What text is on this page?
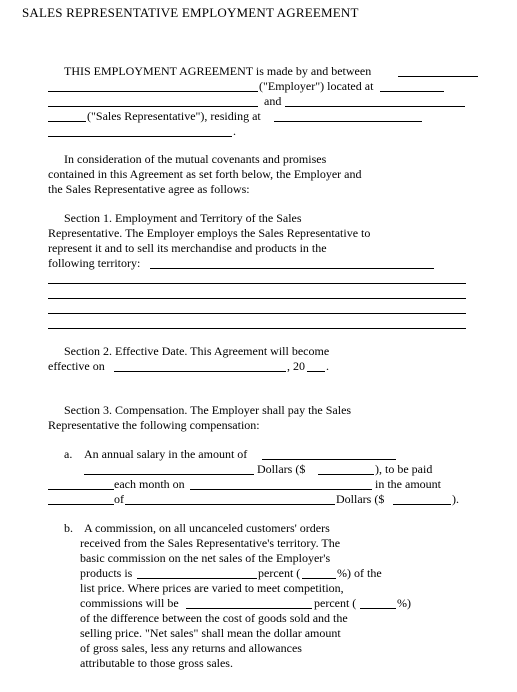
SALES REPRESENTATIVE EMPLOYMENT AGREEMENT
THIS EMPLOYMENT AGREEMENT is made by and between
("Employer") located at
and
("Sales Representative"), residing at
.
In consideration of the mutual covenants and promises
contained in this Agreement as set forth below, the Employer and
the Sales Representative agree as follows:
Section 1. Employment and Territory of the Sales
Representative. The Employer employs the Sales Representative to
represent it and to sell its merchandise and products in the
following territory:
Section 2. Effective Date. This Agreement will become
effective on	, 20 .
Section 3. Compensation. The Employer shall pay the Sales
Representative the following compensation:
a. An annual salary in the amount of
Dollars ($	), to be paid
each month on	in the amount
of	Dollars ($	).
b. A commission, on all uncanceled customers' orders
received from the Sales Representative's territory. The
basic commission on the net sales of the Employer's
products is	percent (	%) of the
list price. Where prices are varied to meet competition,
commissions will be	percent (	%)
of the difference between the cost of goods sold and the
selling price. "Net sales" shall mean the dollar amount
of gross sales, less any returns and allowances
attributable to those gross sales.
